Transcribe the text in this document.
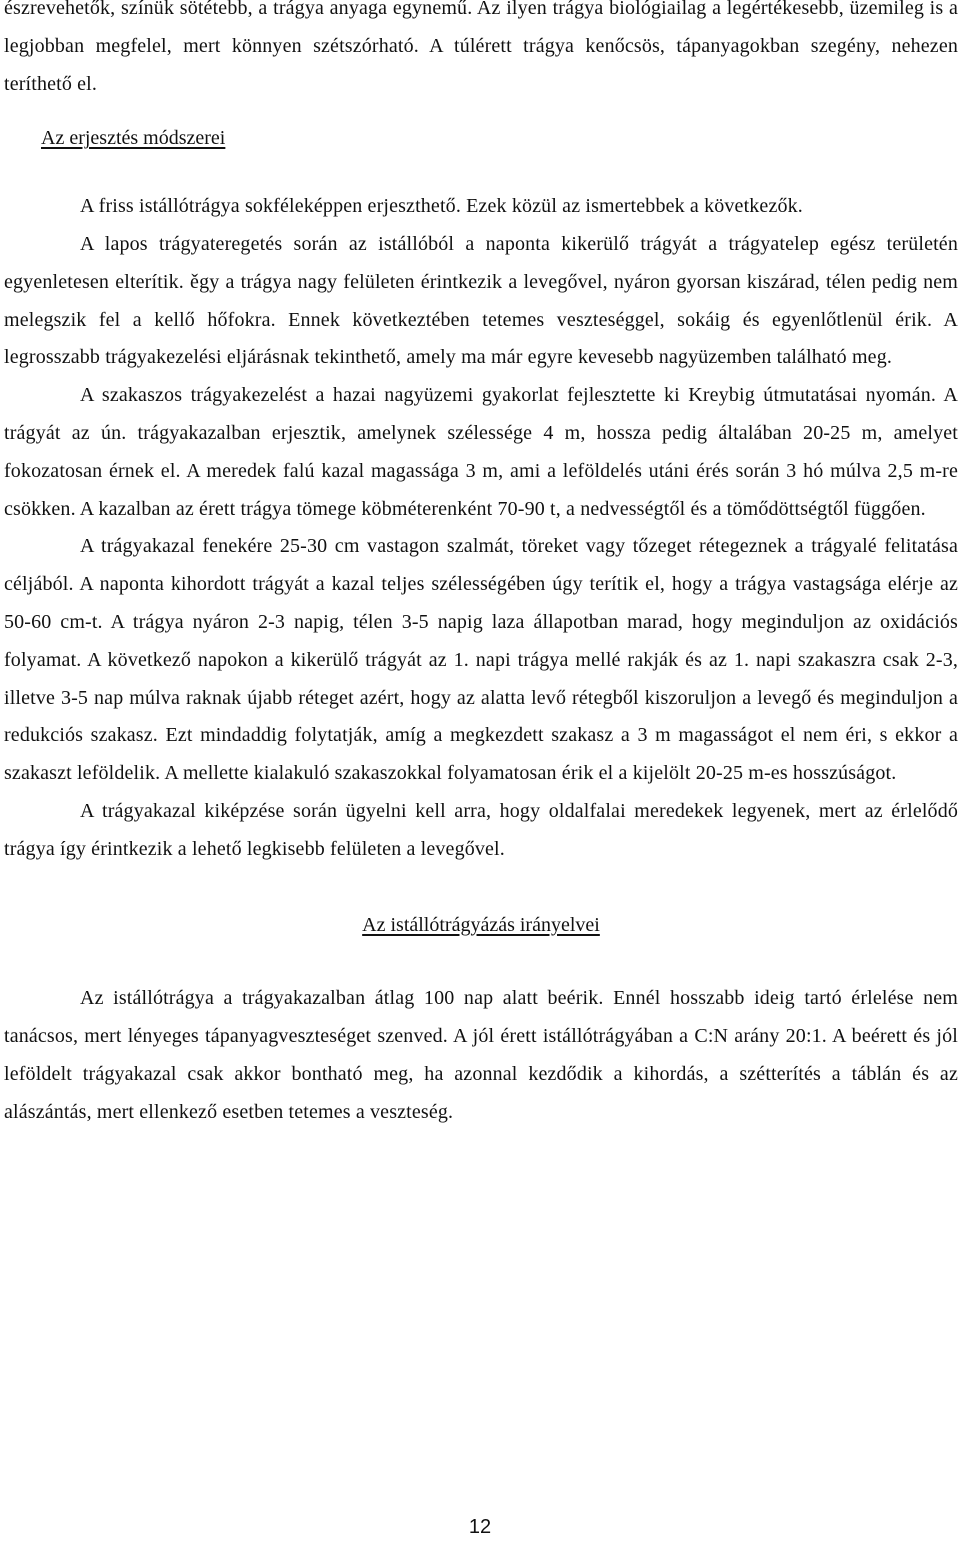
észrevehetők, színük sötétebb, a trágya anyaga egynemű. Az ilyen trágya biológiailag a legértékesebb, üzemileg is a legjobban megfelel, mert könnyen szétszórható. A túlérett trágya kenőcsös, tápanyagokban szegény, nehezen teríthető el.

Az erjesztés módszerei

A friss istállótrágya sokféleképpen erjeszthető. Ezek közül az ismertebbek a következők.

A lapos trágyateregetés során az istállóból a naponta kikerülő trágyát a trágyatelep egész területén egyenletesen elterítik. ěgy a trágya nagy felületen érintkezik a levegővel, nyáron gyorsan kiszárad, télen pedig nem melegszik fel a kellő hőfokra. Ennek következtében tetemes veszteséggel, sokáig és egyenlőtlenül érik. A legrosszabb trágyakezelési eljárásnak tekinthető, amely ma már egyre kevesebb nagyüzemben található meg.

A szakaszos trágyakezelést a hazai nagyüzemi gyakorlat fejlesztette ki Kreybig útmutatásai nyomán. A trágyát az ún. trágyakazalban erjesztik, amelynek szélessége 4 m, hossza pedig általában 20-25 m, amelyet fokozatosan érnek el. A meredek falú kazal magassága 3 m, ami a leföldelés utáni érés során 3 hó múlva 2,5 m-re csökken. A kazalban az érett trágya tömege köbméterenként 70-90 t, a nedvességtől és a tömődöttségtől függően.

A trágyakazal fenekére 25-30 cm vastagon szalmát, töreket vagy tőzeget rétegeznek a trágyalé felitatása céljából. A naponta kihordott trágyát a kazal teljes szélességében úgy terítik el, hogy a trágya vastagsága elérje az 50-60 cm-t. A trágya nyáron 2-3 napig, télen 3-5 napig laza állapotban marad, hogy meginduljon az oxidációs folyamat. A következő napokon a kikerülő trágyát az 1. napi trágya mellé rakják és az 1. napi szakaszra csak 2-3, illetve 3-5 nap múlva raknak újabb réteget azért, hogy az alatta levő rétegből kiszoruljon a levegő és meginduljon a redukciós szakasz. Ezt mindaddig folytatják, amíg a megkezdett szakasz a 3 m magasságot el nem éri, s ekkor a szakaszt leföldelik. A mellette kialakuló szakaszokkal folyamatosan érik el a kijelölt 20-25 m-es hosszúságot.

A trágyakazal kiképzése során ügyelni kell arra, hogy oldalfalai meredekek legyenek, mert az érlelődő trágya így érintkezik a lehető legkisebb felületen a levegővel.

Az istállótrágyázás irányelvei

Az istállótrágya a trágyakazalban átlag 100 nap alatt beérik. Ennél hosszabb ideig tartó érlelése nem tanácsos, mert lényeges tápanyagveszteséget szenved. A jól érett istállótrágyában a C:N arány 20:1. A beérett és jól leföldelt trágyakazal csak akkor bontható meg, ha azonnal kezdődik a kihordás, a szétterítés a táblán és az alászántás, mert ellenkező esetben tetemes a veszteség.

12
